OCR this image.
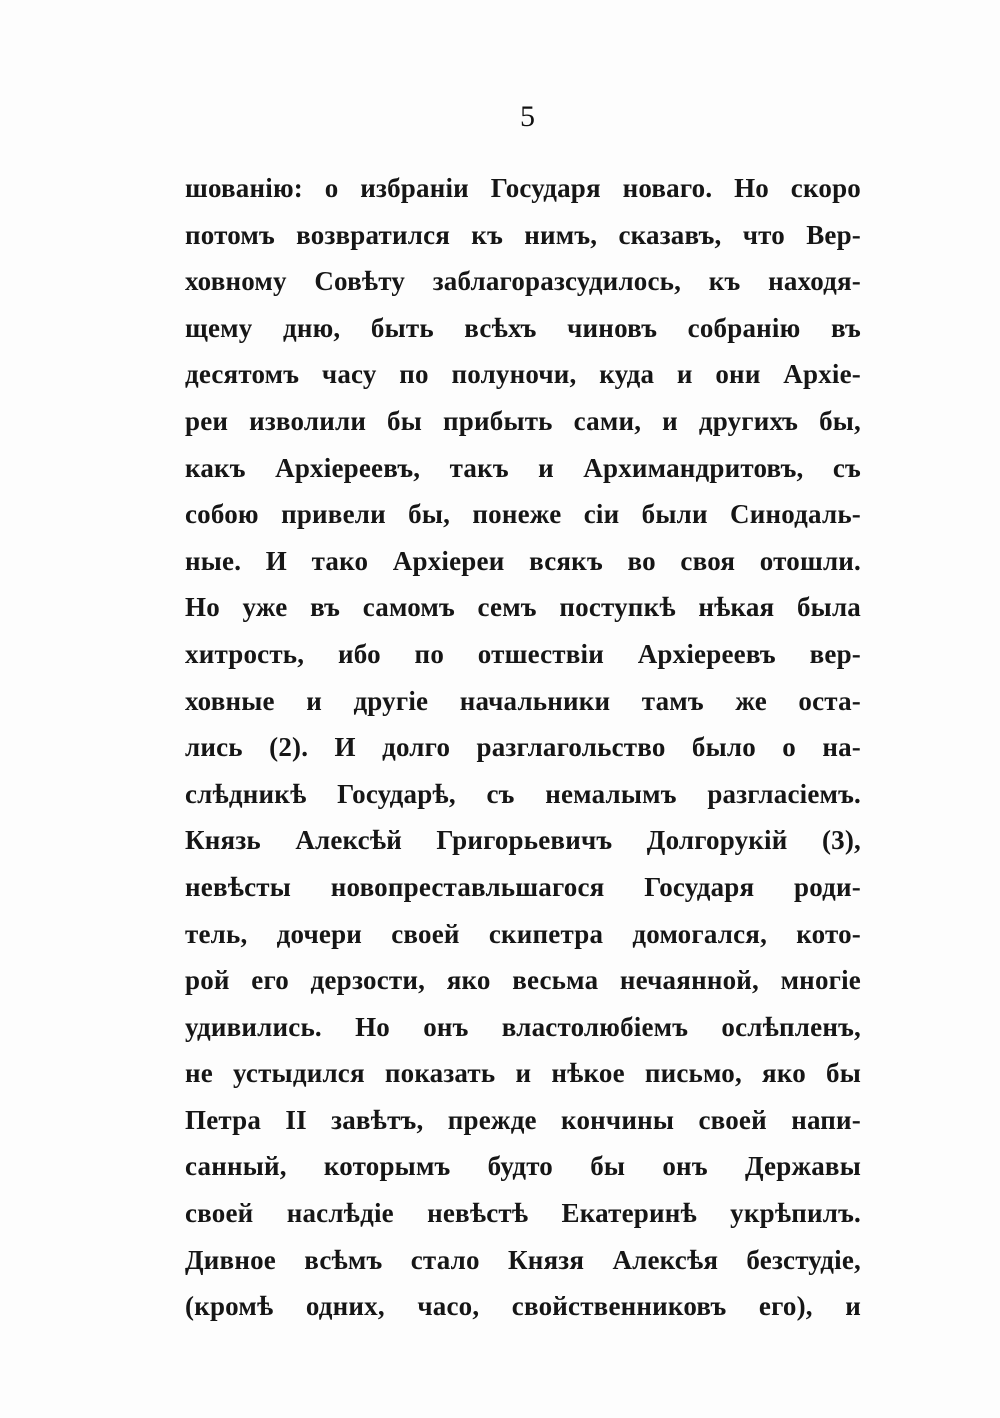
5
шованію: о избраніи Государя новаго. Но скоро
потомъ возвратился къ нимъ, сказавъ, что Вер-
ховному Совѣту заблагоразсудилось, къ находя-
щему дню, быть всѣхъ чиновъ собранію въ
десятомъ часу по полуночи, куда и они Архіе-
реи изволили бы прибыть сами, и другихъ бы,
какъ Архіереевъ, такъ и Архимандритовъ, съ
собою привели бы, понеже сіи были Синодаль-
ные. И тако Архіереи всякъ во своя отошли.
Но уже въ самомъ семъ поступкѣ нѣкая была
хитрость, ибо по отшествіи Архіереевъ вер-
ховные и другіе начальники тамъ же оста-
лись (2). И долго разглагольство было о на-
слѣдникѣ Государѣ, съ немалымъ разгласіемъ.
Князь Алексѣй Григорьевичъ Долгорукій (3),
невѣсты новопреставльшагося Государя роди-
тель, дочери своей скипетра домогался, кото-
рой его дерзости, яко весьма нечаянной, многіе
удивились. Но онъ властолюбіемъ ослѣпленъ,
не устыдился показать и нѣкое письмо, яко бы
Петра II завѣтъ, прежде кончины своей напи-
санный, которымъ будто бы онъ Державы
своей наслѣдіе невѣстѣ Екатеринѣ укрѣпилъ.
Дивное всѣмъ стало Князя Алексѣя безстудіе,
(кромѣ одних, часо, свойственниковъ его), и
